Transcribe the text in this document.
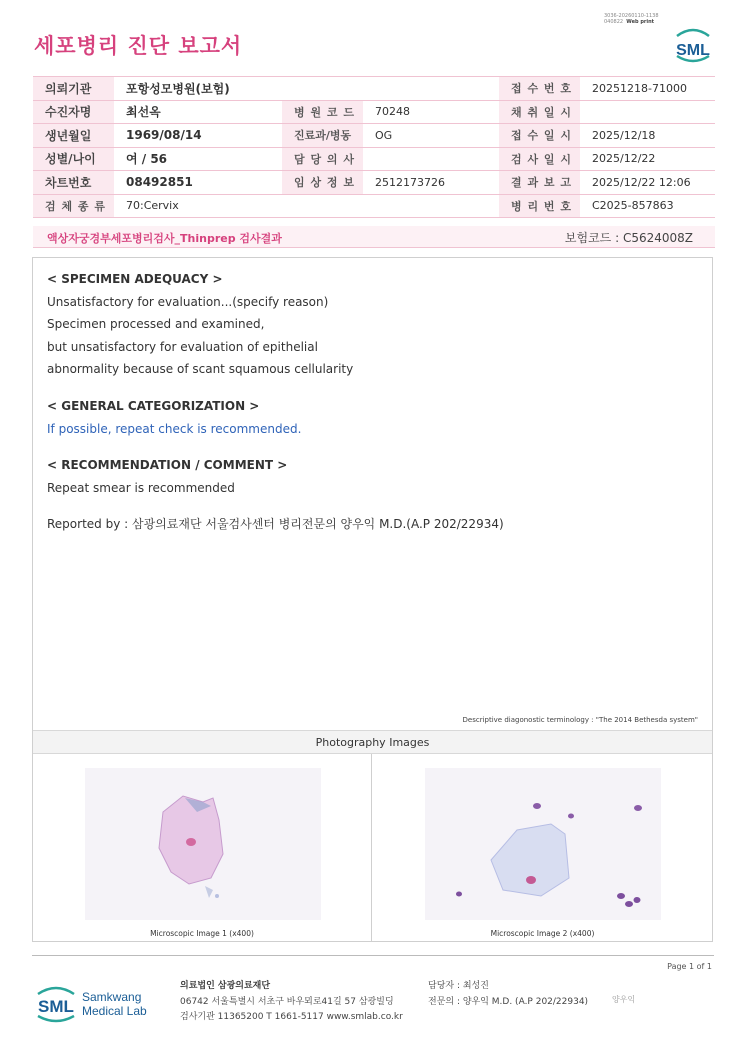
세포병리 진단 보고서
3036-20260110-1138
040822 Web print
SML
의뢰기관	포항성모병원(보험)			접 수 번 호	20251218-71000
수진자명	최선옥	병 원 코 드	70248	채 취 일 시	
생년월일	1969/08/14	진료과/병동	OG	접 수 일 시	2025/12/18
성별/나이	여 / 56	담 당 의 사		검 사 일 시	2025/12/22
차트번호	08492851	임 상 정 보	2512173726	결 과 보 고	2025/12/22 12:06
검 체 종 류	70:Cervix			병 리 번 호	C2025-857863
액상자궁경부세포병리검사_Thinprep 검사결과	보험코드 : C5624008Z
< SPECIMEN ADEQUACY >
Unsatisfactory for evaluation...(specify reason)
Specimen processed and examined,
but unsatisfactory for evaluation of epithelial
abnormality because of scant squamous cellularity
< GENERAL CATEGORIZATION >
If possible, repeat check is recommended.
< RECOMMENDATION / COMMENT >
Repeat smear is recommended
Reported by : 삼광의료재단 서울검사센터 병리전문의 양우익 M.D.(A.P 202/22934)
Descriptive diagonostic terminology : "The 2014 Bethesda system"
Photography Images
Microscopic Image 1 (x400)	Microscopic Image 2 (x400)
Page 1 of 1
SML Samkwang
Medical Lab
의료법인 삼광의료재단
06742 서울특별시 서초구 바우뫼로41길 57 삼광빌딩
검사기관 11365200 T 1661-5117 www.smlab.co.kr
담당자 : 최성진
전문의 : 양우익 M.D. (A.P 202/22934)	양우익
